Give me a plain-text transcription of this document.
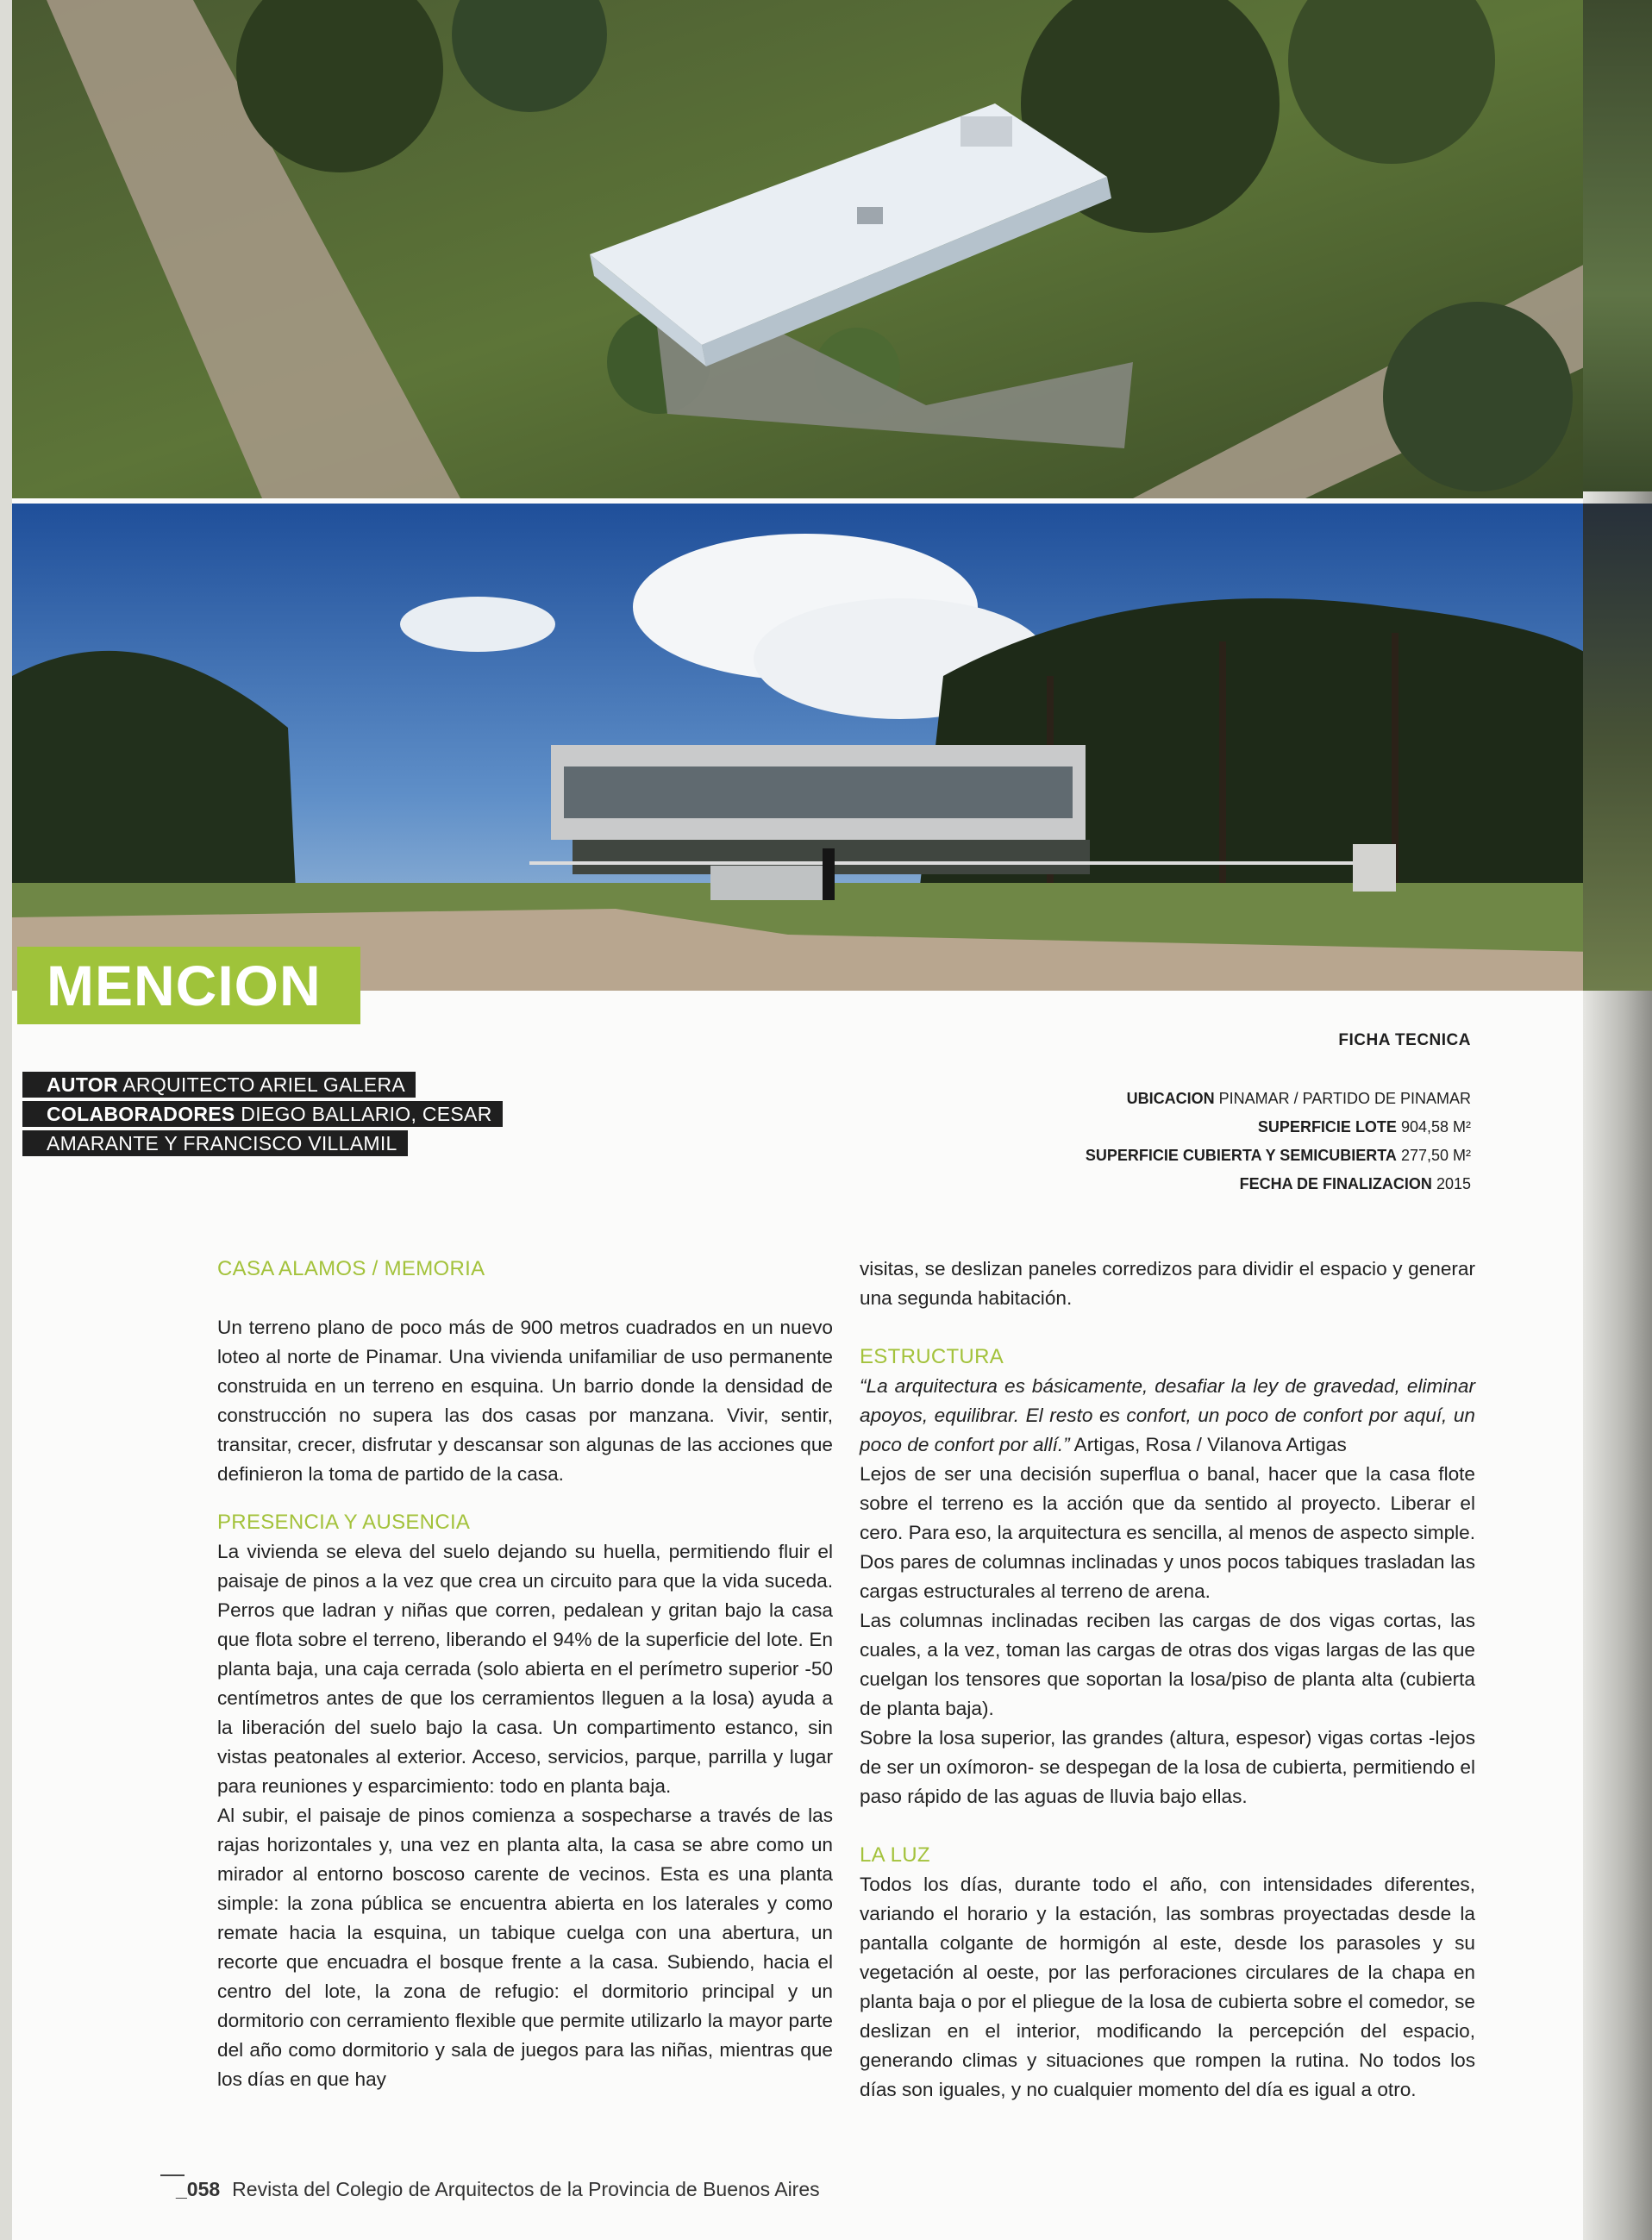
MENCION
AUTOR ARQUITECTO ARIEL GALERA
COLABORADORES DIEGO BALLARIO, CESAR
AMARANTE Y FRANCISCO VILLAMIL
FICHA TECNICA
UBICACION PINAMAR / PARTIDO DE PINAMAR
SUPERFICIE LOTE 904,58 M²
SUPERFICIE CUBIERTA Y SEMICUBIERTA 277,50 M²
FECHA DE FINALIZACION 2015
CASA ALAMOS / MEMORIA

Un terreno plano de poco más de 900 metros cuadrados en un nuevo loteo al norte de Pinamar. Una vivienda unifamiliar de uso permanente construida en un terreno en esquina. Un barrio donde la densidad de construcción no supera las dos casas por manzana. Vivir, sentir, transitar, crecer, disfrutar y descansar son algunas de las acciones que definieron la toma de partido de la casa.

PRESENCIA Y AUSENCIA

La vivienda se eleva del suelo dejando su huella, permitiendo fluir el paisaje de pinos a la vez que crea un circuito para que la vida suceda. Perros que ladran y niñas que corren, pedalean y gritan bajo la casa que flota sobre el terreno, liberando el 94% de la superficie del lote. En planta baja, una caja cerrada (solo abierta en el perímetro superior -50 centímetros antes de que los cerramientos lleguen a la losa) ayuda a la liberación del suelo bajo la casa. Un compartimento estanco, sin vistas peatonales al exterior. Acceso, servicios, parque, parrilla y lugar para reuniones y esparcimiento: todo en planta baja.

Al subir, el paisaje de pinos comienza a sospecharse a través de las rajas horizontales y, una vez en planta alta, la casa se abre como un mirador al entorno boscoso carente de vecinos. Esta es una planta simple: la zona pública se encuentra abierta en los laterales y como remate hacia la esquina, un tabique cuelga con una abertura, un recorte que encuadra el bosque frente a la casa. Subiendo, hacia el centro del lote, la zona de refugio: el dormitorio principal y un dormitorio con cerramiento flexible que permite utilizarlo la mayor parte del año como dormitorio y sala de juegos para las niñas, mientras que los días en que hay

visitas, se deslizan paneles corredizos para dividir el espacio y generar una segunda habitación.

ESTRUCTURA

“La arquitectura es básicamente, desafiar la ley de gravedad, eliminar apoyos, equilibrar. El resto es confort, un poco de confort por aquí, un poco de confort por allí.” Artigas, Rosa / Vilanova Artigas

Lejos de ser una decisión superflua o banal, hacer que la casa flote sobre el terreno es la acción que da sentido al proyecto. Liberar el cero. Para eso, la arquitectura es sencilla, al menos de aspecto simple. Dos pares de columnas inclinadas y unos pocos tabiques trasladan las cargas estructurales al terreno de arena.

Las columnas inclinadas reciben las cargas de dos vigas cortas, las cuales, a la vez, toman las cargas de otras dos vigas largas de las que cuelgan los tensores que soportan la losa/piso de planta alta (cubierta de planta baja).

Sobre la losa superior, las grandes (altura, espesor) vigas cortas -lejos de ser un oxímoron- se despegan de la losa de cubierta, permitiendo el paso rápido de las aguas de lluvia bajo ellas.

LA LUZ

Todos los días, durante todo el año, con intensidades diferentes, variando el horario y la estación, las sombras proyectadas desde la pantalla colgante de hormigón al este, desde los parasoles y su vegetación al oeste, por las perforaciones circulares de la chapa en planta baja o por el pliegue de la losa de cubierta sobre el comedor, se deslizan en el interior, modificando la percepción del espacio, generando climas y situaciones que rompen la rutina. No todos los días son iguales, y no cualquier momento del día es igual a otro.

_058 Revista del Colegio de Arquitectos de la Provincia de Buenos Aires
